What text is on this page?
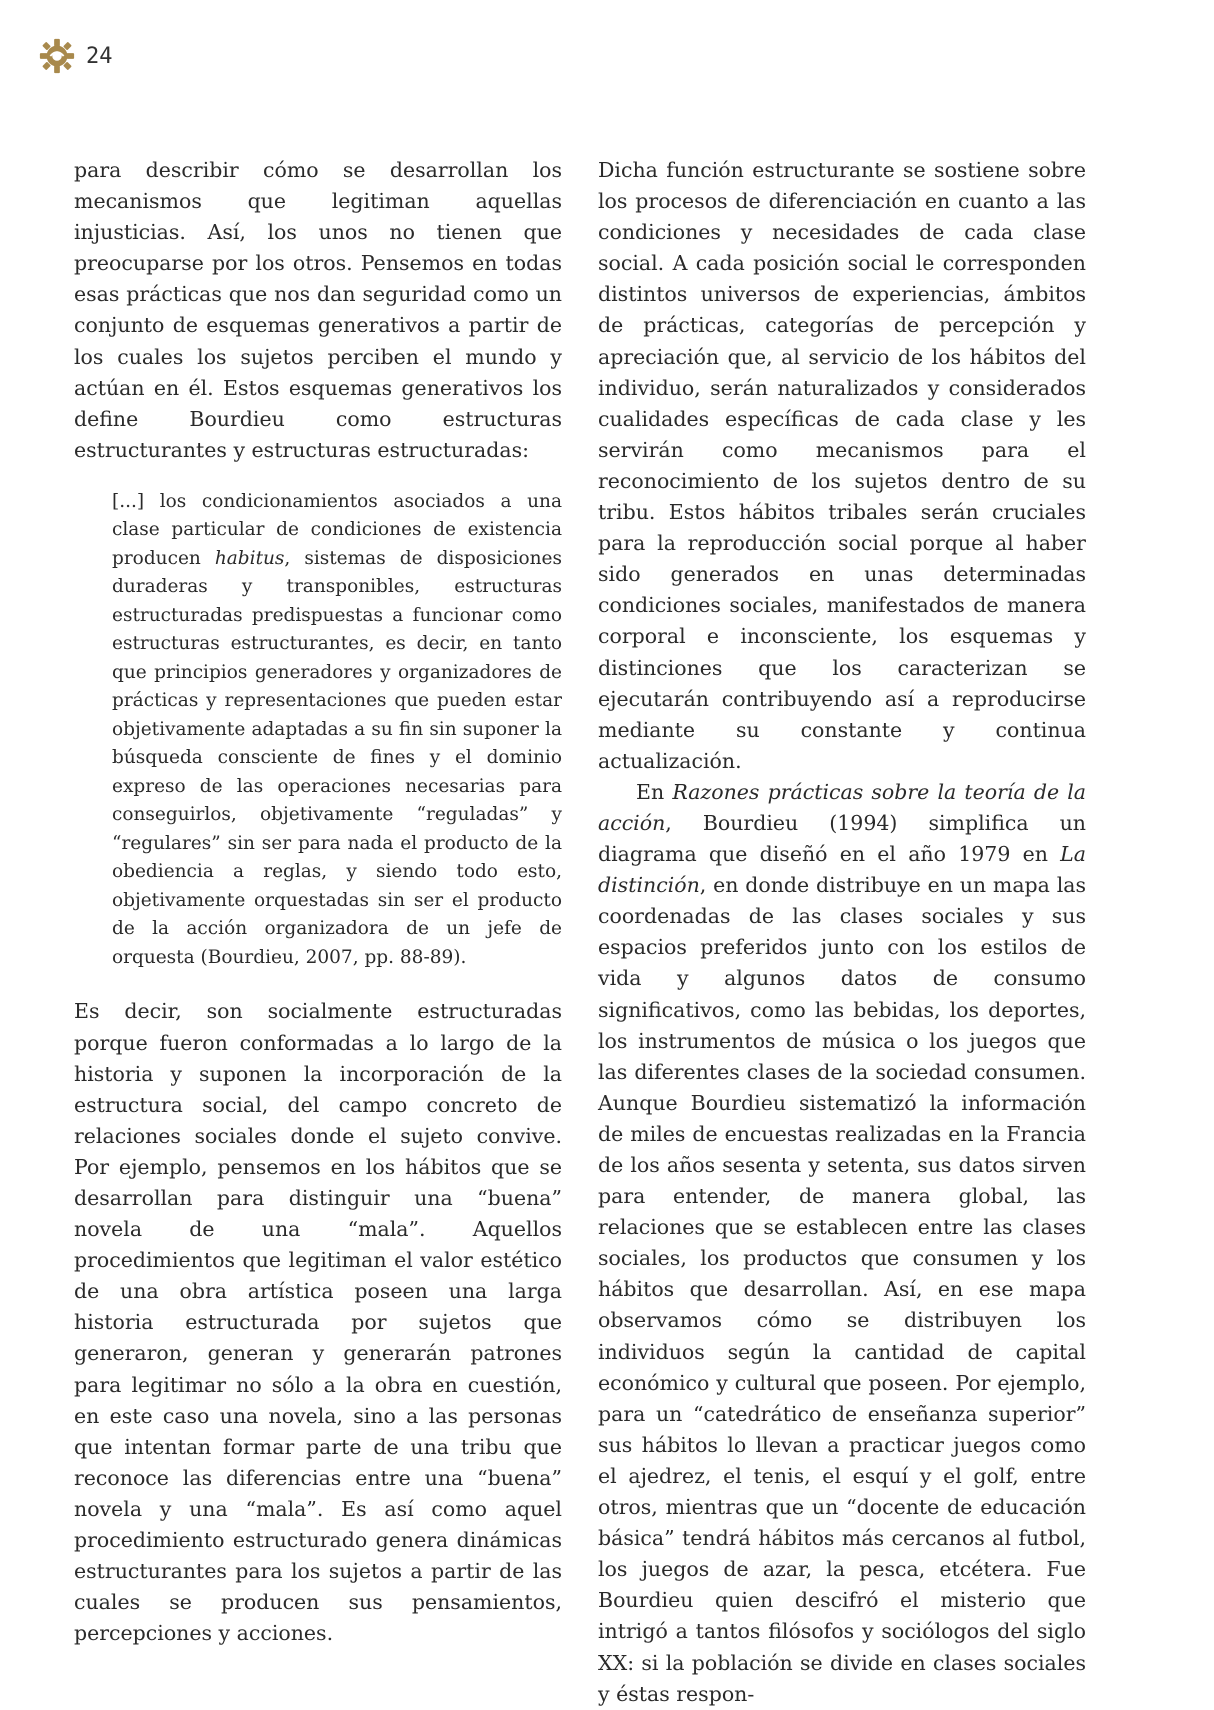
24

para describir cómo se desarrollan los mecanismos que legitiman aquellas injusticias. Así, los unos no tienen que preocuparse por los otros. Pensemos en todas esas prácticas que nos dan seguridad como un conjunto de esquemas generativos a partir de los cuales los sujetos perciben el mundo y actúan en él. Estos esquemas generativos los define Bourdieu como estructuras estructurantes y estructuras estructuradas:

[...] los condicionamientos asociados a una clase particular de condiciones de existencia producen habitus, sistemas de disposiciones duraderas y transponibles, estructuras estructuradas predispuestas a funcionar como estructuras estructurantes, es decir, en tanto que principios generadores y organizadores de prácticas y representaciones que pueden estar objetivamente adaptadas a su fin sin suponer la búsqueda consciente de fines y el dominio expreso de las operaciones necesarias para conseguirlos, objetivamente “reguladas” y “regulares” sin ser para nada el producto de la obediencia a reglas, y siendo todo esto, objetivamente orquestadas sin ser el producto de la acción organizadora de un jefe de orquesta (Bourdieu, 2007, pp. 88-89).

Es decir, son socialmente estructuradas porque fueron conformadas a lo largo de la historia y suponen la incorporación de la estructura social, del campo concreto de relaciones sociales donde el sujeto convive. Por ejemplo, pensemos en los hábitos que se desarrollan para distinguir una “buena” novela de una “mala”. Aquellos procedimientos que legitiman el valor estético de una obra artística poseen una larga historia estructurada por sujetos que generaron, generan y generarán patrones para legitimar no sólo a la obra en cuestión, en este caso una novela, sino a las personas que intentan formar parte de una tribu que reconoce las diferencias entre una “buena” novela y una “mala”. Es así como aquel procedimiento estructurado genera dinámicas estructurantes para los sujetos a partir de las cuales se producen sus pensamientos, percepciones y acciones.

Dicha función estructurante se sostiene sobre los procesos de diferenciación en cuanto a las condiciones y necesidades de cada clase social. A cada posición social le corresponden distintos universos de experiencias, ámbitos de prácticas, categorías de percepción y apreciación que, al servicio de los hábitos del individuo, serán naturalizados y considerados cualidades específicas de cada clase y les servirán como mecanismos para el reconocimiento de los sujetos dentro de su tribu. Estos hábitos tribales serán cruciales para la reproducción social porque al haber sido generados en unas determinadas condiciones sociales, manifestados de manera corporal e inconsciente, los esquemas y distinciones que los caracterizan se ejecutarán contribuyendo así a reproducirse mediante su constante y continua actualización.

En Razones prácticas sobre la teoría de la acción, Bourdieu (1994) simplifica un diagrama que diseñó en el año 1979 en La distinción, en donde distribuye en un mapa las coordenadas de las clases sociales y sus espacios preferidos junto con los estilos de vida y algunos datos de consumo significativos, como las bebidas, los deportes, los instrumentos de música o los juegos que las diferentes clases de la sociedad consumen. Aunque Bourdieu sistematizó la información de miles de encuestas realizadas en la Francia de los años sesenta y setenta, sus datos sirven para entender, de manera global, las relaciones que se establecen entre las clases sociales, los productos que consumen y los hábitos que desarrollan. Así, en ese mapa observamos cómo se distribuyen los individuos según la cantidad de capital económico y cultural que poseen. Por ejemplo, para un “catedrático de enseñanza superior” sus hábitos lo llevan a practicar juegos como el ajedrez, el tenis, el esquí y el golf, entre otros, mientras que un “docente de educación básica” tendrá hábitos más cercanos al futbol, los juegos de azar, la pesca, etcétera. Fue Bourdieu quien descifró el misterio que intrigó a tantos filósofos y sociólogos del siglo XX: si la población se divide en clases sociales y éstas respon-
